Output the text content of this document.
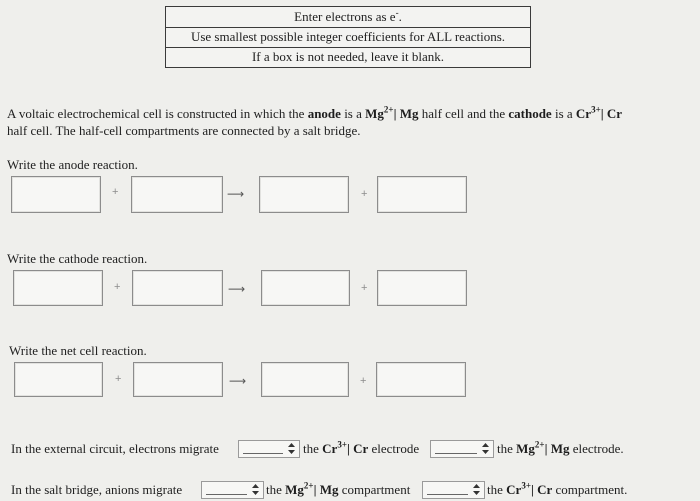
Enter electrons as e-.
Use smallest possible integer coefficients for ALL reactions.
If a box is not needed, leave it blank.
A voltaic electrochemical cell is constructed in which the anode is a $Mg^{2+}|$ Mg half cell and the cathode is a $Cr^{3+}|$ Cr
half cell. The half-cell compartments are connected by a salt bridge.
Write the anode reaction.
+	⟶	+
Write the cathode reaction.
+	⟶	+
Write the net cell reaction.
+	⟶	+
In the external circuit, electrons migrate	the $Cr^{3+}|$ Cr electrode	the $Mg^{2+}|$ Mg electrode.
In the salt bridge, anions migrate	the $Mg^{2+}|$ Mg compartment	the $Cr^{3+}|$ Cr compartment.
